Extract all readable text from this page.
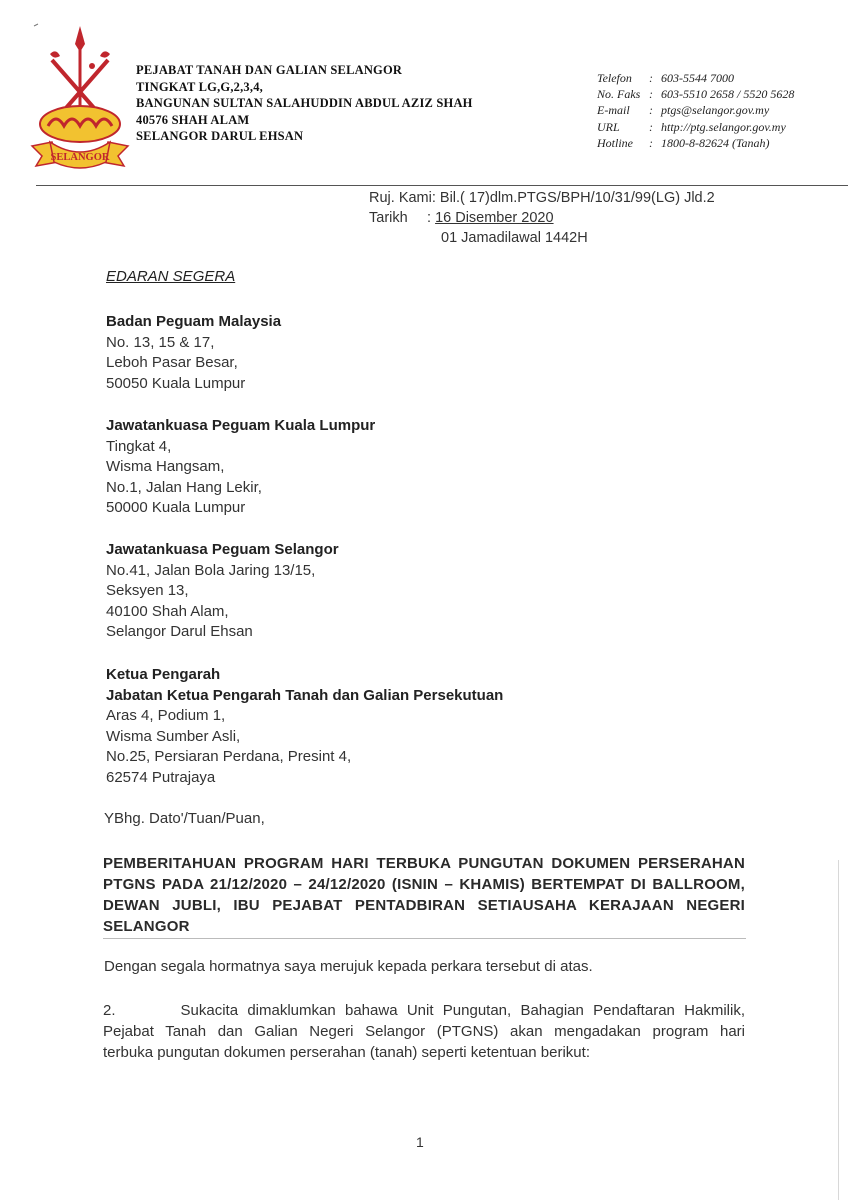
SELANGOR
PEJABAT TANAH DAN GALIAN SELANGOR
TINGKAT LG,G,2,3,4,
BANGUNAN SULTAN SALAHUDDIN ABDUL AZIZ SHAH
40576 SHAH ALAM
SELANGOR DARUL EHSAN
Telefon	: 603-5544 7000
No. Faks : 603-5510 2658 / 5520 5628
E-mail	: ptgs@selangor.gov.my
URL	: http://ptg.selangor.gov.my
Hotline	: 1800-8-82624 (Tanah)
Ruj. Kami: Bil.( 17)dlm.PTGS/BPH/10/31/99(LG) Jld.2
Tarikh : 16 Disember 2020
01 Jamadilawal 1442H
EDARAN SEGERA
Badan Peguam Malaysia
No. 13, 15 & 17,
Leboh Pasar Besar,
50050 Kuala Lumpur
Jawatankuasa Peguam Kuala Lumpur
Tingkat 4,
Wisma Hangsam,
No.1, Jalan Hang Lekir,
50000 Kuala Lumpur
Jawatankuasa Peguam Selangor
No.41, Jalan Bola Jaring 13/15,
Seksyen 13,
40100 Shah Alam,
Selangor Darul Ehsan
Ketua Pengarah
Jabatan Ketua Pengarah Tanah dan Galian Persekutuan
Aras 4, Podium 1,
Wisma Sumber Asli,
No.25, Persiaran Perdana, Presint 4,
62574 Putrajaya
YBhg. Dato'/Tuan/Puan,
PEMBERITAHUAN PROGRAM HARI TERBUKA PUNGUTAN DOKUMEN PERSERAHAN
PTGNS PADA 21/12/2020 – 24/12/2020 (ISNIN – KHAMIS) BERTEMPAT DI BALLROOM,
DEWAN JUBLI, IBU PEJABAT PENTADBIRAN SETIAUSAHA KERAJAAN NEGERI
SELANGOR
Dengan segala hormatnya saya merujuk kepada perkara tersebut di atas.
2.       Sukacita dimaklumkan bahawa Unit Pungutan, Bahagian Pendaftaran Hakmilik,
Pejabat Tanah dan Galian Negeri Selangor (PTGNS) akan mengadakan program hari
terbuka pungutan dokumen perserahan (tanah) seperti ketentuan berikut:
1
